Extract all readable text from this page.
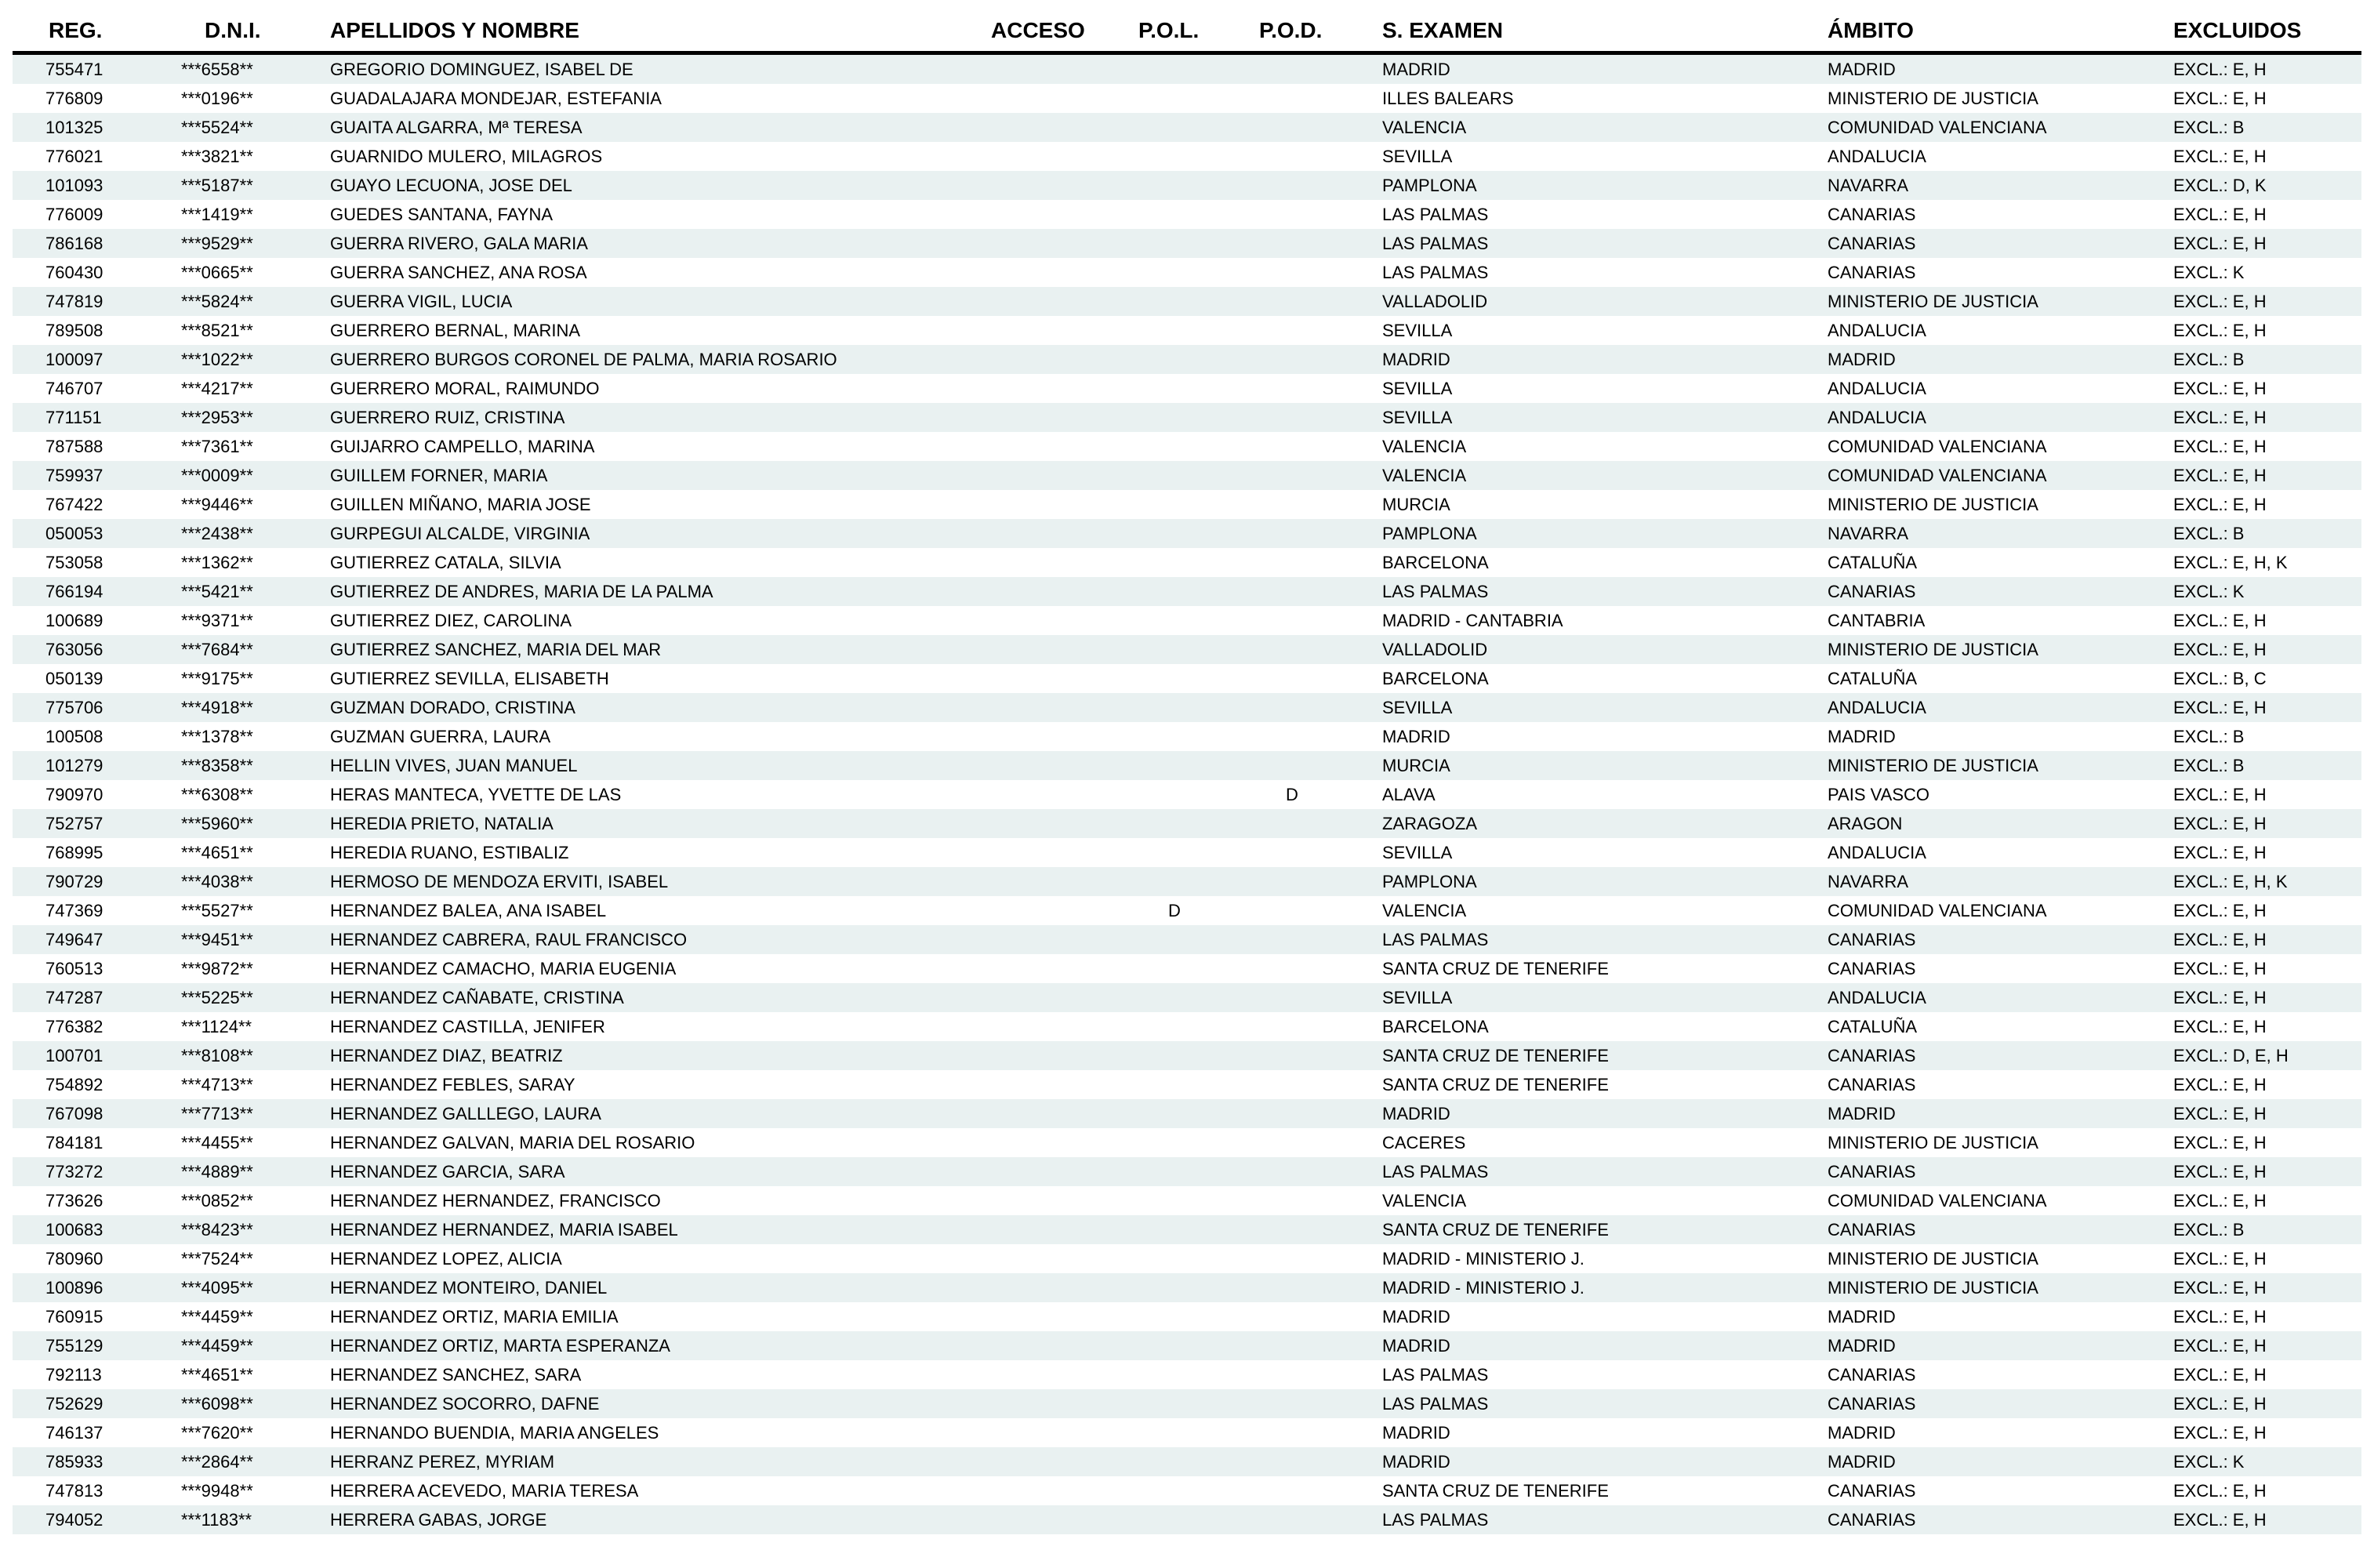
REG.	D.N.I.	APELLIDOS Y NOMBRE	ACCESO	P.O.L.	P.O.D.	S. EXAMEN	ÁMBITO	EXCLUIDOS
755471	***6558**	GREGORIO DOMINGUEZ, ISABEL DE				MADRID	MADRID	EXCL.: E, H
776809	***0196**	GUADALAJARA MONDEJAR, ESTEFANIA				ILLES BALEARS	MINISTERIO DE JUSTICIA	EXCL.: E, H
101325	***5524**	GUAITA ALGARRA, Mª TERESA				VALENCIA	COMUNIDAD VALENCIANA	EXCL.: B
776021	***3821**	GUARNIDO MULERO, MILAGROS				SEVILLA	ANDALUCIA	EXCL.: E, H
101093	***5187**	GUAYO LECUONA, JOSE DEL				PAMPLONA	NAVARRA	EXCL.: D, K
776009	***1419**	GUEDES SANTANA, FAYNA				LAS PALMAS	CANARIAS	EXCL.: E, H
786168	***9529**	GUERRA RIVERO, GALA MARIA				LAS PALMAS	CANARIAS	EXCL.: E, H
760430	***0665**	GUERRA SANCHEZ, ANA ROSA				LAS PALMAS	CANARIAS	EXCL.: K
747819	***5824**	GUERRA VIGIL, LUCIA				VALLADOLID	MINISTERIO DE JUSTICIA	EXCL.: E, H
789508	***8521**	GUERRERO BERNAL, MARINA				SEVILLA	ANDALUCIA	EXCL.: E, H
100097	***1022**	GUERRERO BURGOS CORONEL DE PALMA, MARIA ROSARIO				MADRID	MADRID	EXCL.: B
746707	***4217**	GUERRERO MORAL, RAIMUNDO				SEVILLA	ANDALUCIA	EXCL.: E, H
771151	***2953**	GUERRERO RUIZ, CRISTINA				SEVILLA	ANDALUCIA	EXCL.: E, H
787588	***7361**	GUIJARRO CAMPELLO, MARINA				VALENCIA	COMUNIDAD VALENCIANA	EXCL.: E, H
759937	***0009**	GUILLEM FORNER, MARIA				VALENCIA	COMUNIDAD VALENCIANA	EXCL.: E, H
767422	***9446**	GUILLEN MIÑANO, MARIA JOSE				MURCIA	MINISTERIO DE JUSTICIA	EXCL.: E, H
050053	***2438**	GURPEGUI ALCALDE, VIRGINIA				PAMPLONA	NAVARRA	EXCL.: B
753058	***1362**	GUTIERREZ CATALA, SILVIA				BARCELONA	CATALUÑA	EXCL.: E, H, K
766194	***5421**	GUTIERREZ DE ANDRES, MARIA DE LA PALMA				LAS PALMAS	CANARIAS	EXCL.: K
100689	***9371**	GUTIERREZ DIEZ, CAROLINA				MADRID - CANTABRIA	CANTABRIA	EXCL.: E, H
763056	***7684**	GUTIERREZ SANCHEZ, MARIA DEL MAR				VALLADOLID	MINISTERIO DE JUSTICIA	EXCL.: E, H
050139	***9175**	GUTIERREZ SEVILLA, ELISABETH				BARCELONA	CATALUÑA	EXCL.: B, C
775706	***4918**	GUZMAN DORADO, CRISTINA				SEVILLA	ANDALUCIA	EXCL.: E, H
100508	***1378**	GUZMAN GUERRA, LAURA				MADRID	MADRID	EXCL.: B
101279	***8358**	HELLIN VIVES, JUAN MANUEL				MURCIA	MINISTERIO DE JUSTICIA	EXCL.: B
790970	***6308**	HERAS MANTECA, YVETTE DE LAS			D	ALAVA	PAIS VASCO	EXCL.: E, H
752757	***5960**	HEREDIA PRIETO, NATALIA				ZARAGOZA	ARAGON	EXCL.: E, H
768995	***4651**	HEREDIA RUANO, ESTIBALIZ				SEVILLA	ANDALUCIA	EXCL.: E, H
790729	***4038**	HERMOSO DE MENDOZA ERVITI, ISABEL				PAMPLONA	NAVARRA	EXCL.: E, H, K
747369	***5527**	HERNANDEZ BALEA, ANA ISABEL		D		VALENCIA	COMUNIDAD VALENCIANA	EXCL.: E, H
749647	***9451**	HERNANDEZ CABRERA, RAUL FRANCISCO				LAS PALMAS	CANARIAS	EXCL.: E, H
760513	***9872**	HERNANDEZ CAMACHO, MARIA EUGENIA				SANTA CRUZ DE TENERIFE	CANARIAS	EXCL.: E, H
747287	***5225**	HERNANDEZ CAÑABATE, CRISTINA				SEVILLA	ANDALUCIA	EXCL.: E, H
776382	***1124**	HERNANDEZ CASTILLA, JENIFER				BARCELONA	CATALUÑA	EXCL.: E, H
100701	***8108**	HERNANDEZ DIAZ, BEATRIZ				SANTA CRUZ DE TENERIFE	CANARIAS	EXCL.: D, E, H
754892	***4713**	HERNANDEZ FEBLES, SARAY				SANTA CRUZ DE TENERIFE	CANARIAS	EXCL.: E, H
767098	***7713**	HERNANDEZ GALLLEGO, LAURA				MADRID	MADRID	EXCL.: E, H
784181	***4455**	HERNANDEZ GALVAN, MARIA DEL ROSARIO				CACERES	MINISTERIO DE JUSTICIA	EXCL.: E, H
773272	***4889**	HERNANDEZ GARCIA, SARA				LAS PALMAS	CANARIAS	EXCL.: E, H
773626	***0852**	HERNANDEZ HERNANDEZ, FRANCISCO				VALENCIA	COMUNIDAD VALENCIANA	EXCL.: E, H
100683	***8423**	HERNANDEZ HERNANDEZ, MARIA ISABEL				SANTA CRUZ DE TENERIFE	CANARIAS	EXCL.: B
780960	***7524**	HERNANDEZ LOPEZ, ALICIA				MADRID - MINISTERIO J.	MINISTERIO DE JUSTICIA	EXCL.: E, H
100896	***4095**	HERNANDEZ MONTEIRO, DANIEL				MADRID - MINISTERIO J.	MINISTERIO DE JUSTICIA	EXCL.: E, H
760915	***4459**	HERNANDEZ ORTIZ, MARIA EMILIA				MADRID	MADRID	EXCL.: E, H
755129	***4459**	HERNANDEZ ORTIZ, MARTA ESPERANZA				MADRID	MADRID	EXCL.: E, H
792113	***4651**	HERNANDEZ SANCHEZ, SARA				LAS PALMAS	CANARIAS	EXCL.: E, H
752629	***6098**	HERNANDEZ SOCORRO, DAFNE				LAS PALMAS	CANARIAS	EXCL.: E, H
746137	***7620**	HERNANDO BUENDIA, MARIA ANGELES				MADRID	MADRID	EXCL.: E, H
785933	***2864**	HERRANZ PEREZ, MYRIAM				MADRID	MADRID	EXCL.: K
747813	***9948**	HERRERA ACEVEDO, MARIA TERESA				SANTA CRUZ DE TENERIFE	CANARIAS	EXCL.: E, H
794052	***1183**	HERRERA GABAS, JORGE				LAS PALMAS	CANARIAS	EXCL.: E, H
